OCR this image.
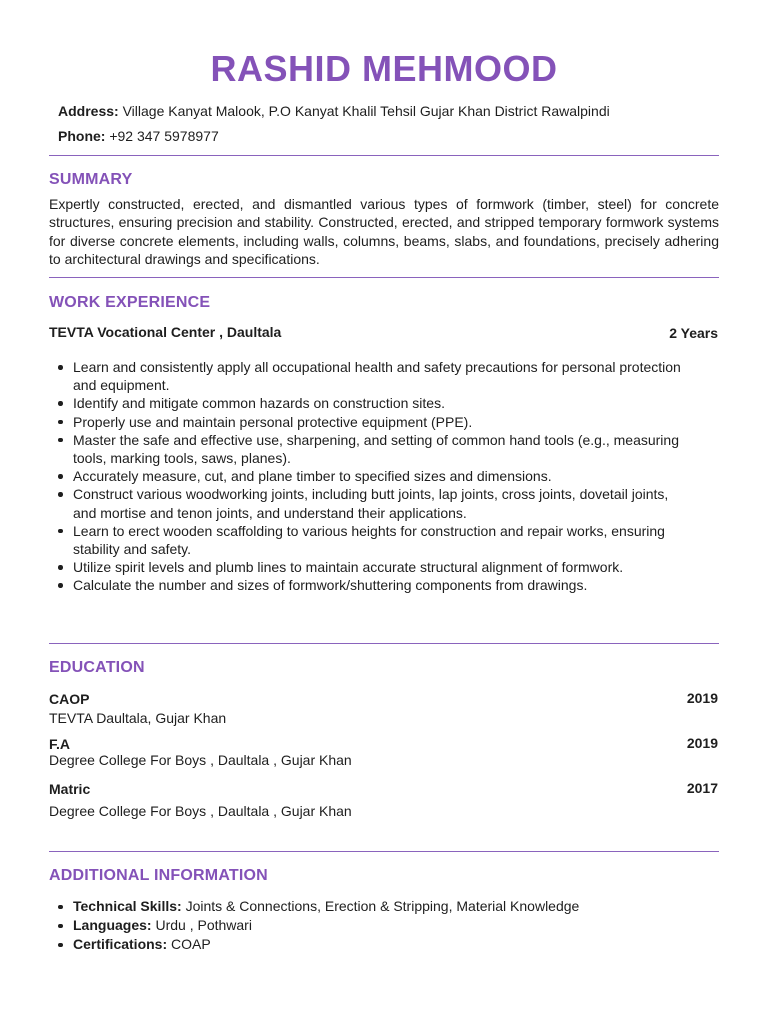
RASHID MEHMOOD
Address: Village Kanyat Malook, P.O Kanyat Khalil Tehsil Gujar Khan District Rawalpindi
Phone: +92 347 5978977
SUMMARY
Expertly constructed, erected, and dismantled various types of formwork (timber, steel) for concrete structures, ensuring precision and stability. Constructed, erected, and stripped temporary formwork systems for diverse concrete elements, including walls, columns, beams, slabs, and foundations, precisely adhering to architectural drawings and specifications.
WORK EXPERIENCE
TEVTA Vocational Center , Daultala	2 Years
Learn and consistently apply all occupational health and safety precautions for personal protection and equipment.
Identify and mitigate common hazards on construction sites.
Properly use and maintain personal protective equipment (PPE).
Master the safe and effective use, sharpening, and setting of common hand tools (e.g., measuring tools, marking tools, saws, planes).
Accurately measure, cut, and plane timber to specified sizes and dimensions.
Construct various woodworking joints, including butt joints, lap joints, cross joints, dovetail joints, and mortise and tenon joints, and understand their applications.
Learn to erect wooden scaffolding to various heights for construction and repair works, ensuring stability and safety.
Utilize spirit levels and plumb lines to maintain accurate structural alignment of formwork.
Calculate the number and sizes of formwork/shuttering components from drawings.
EDUCATION
CAOP	2019
TEVTA Daultala, Gujar Khan
F.A	2019
Degree College For Boys , Daultala , Gujar Khan
Matric	2017
Degree College For Boys , Daultala , Gujar Khan
ADDITIONAL INFORMATION
Technical Skills: Joints & Connections, Erection & Stripping, Material Knowledge
Languages: Urdu , Pothwari
Certifications: COAP
